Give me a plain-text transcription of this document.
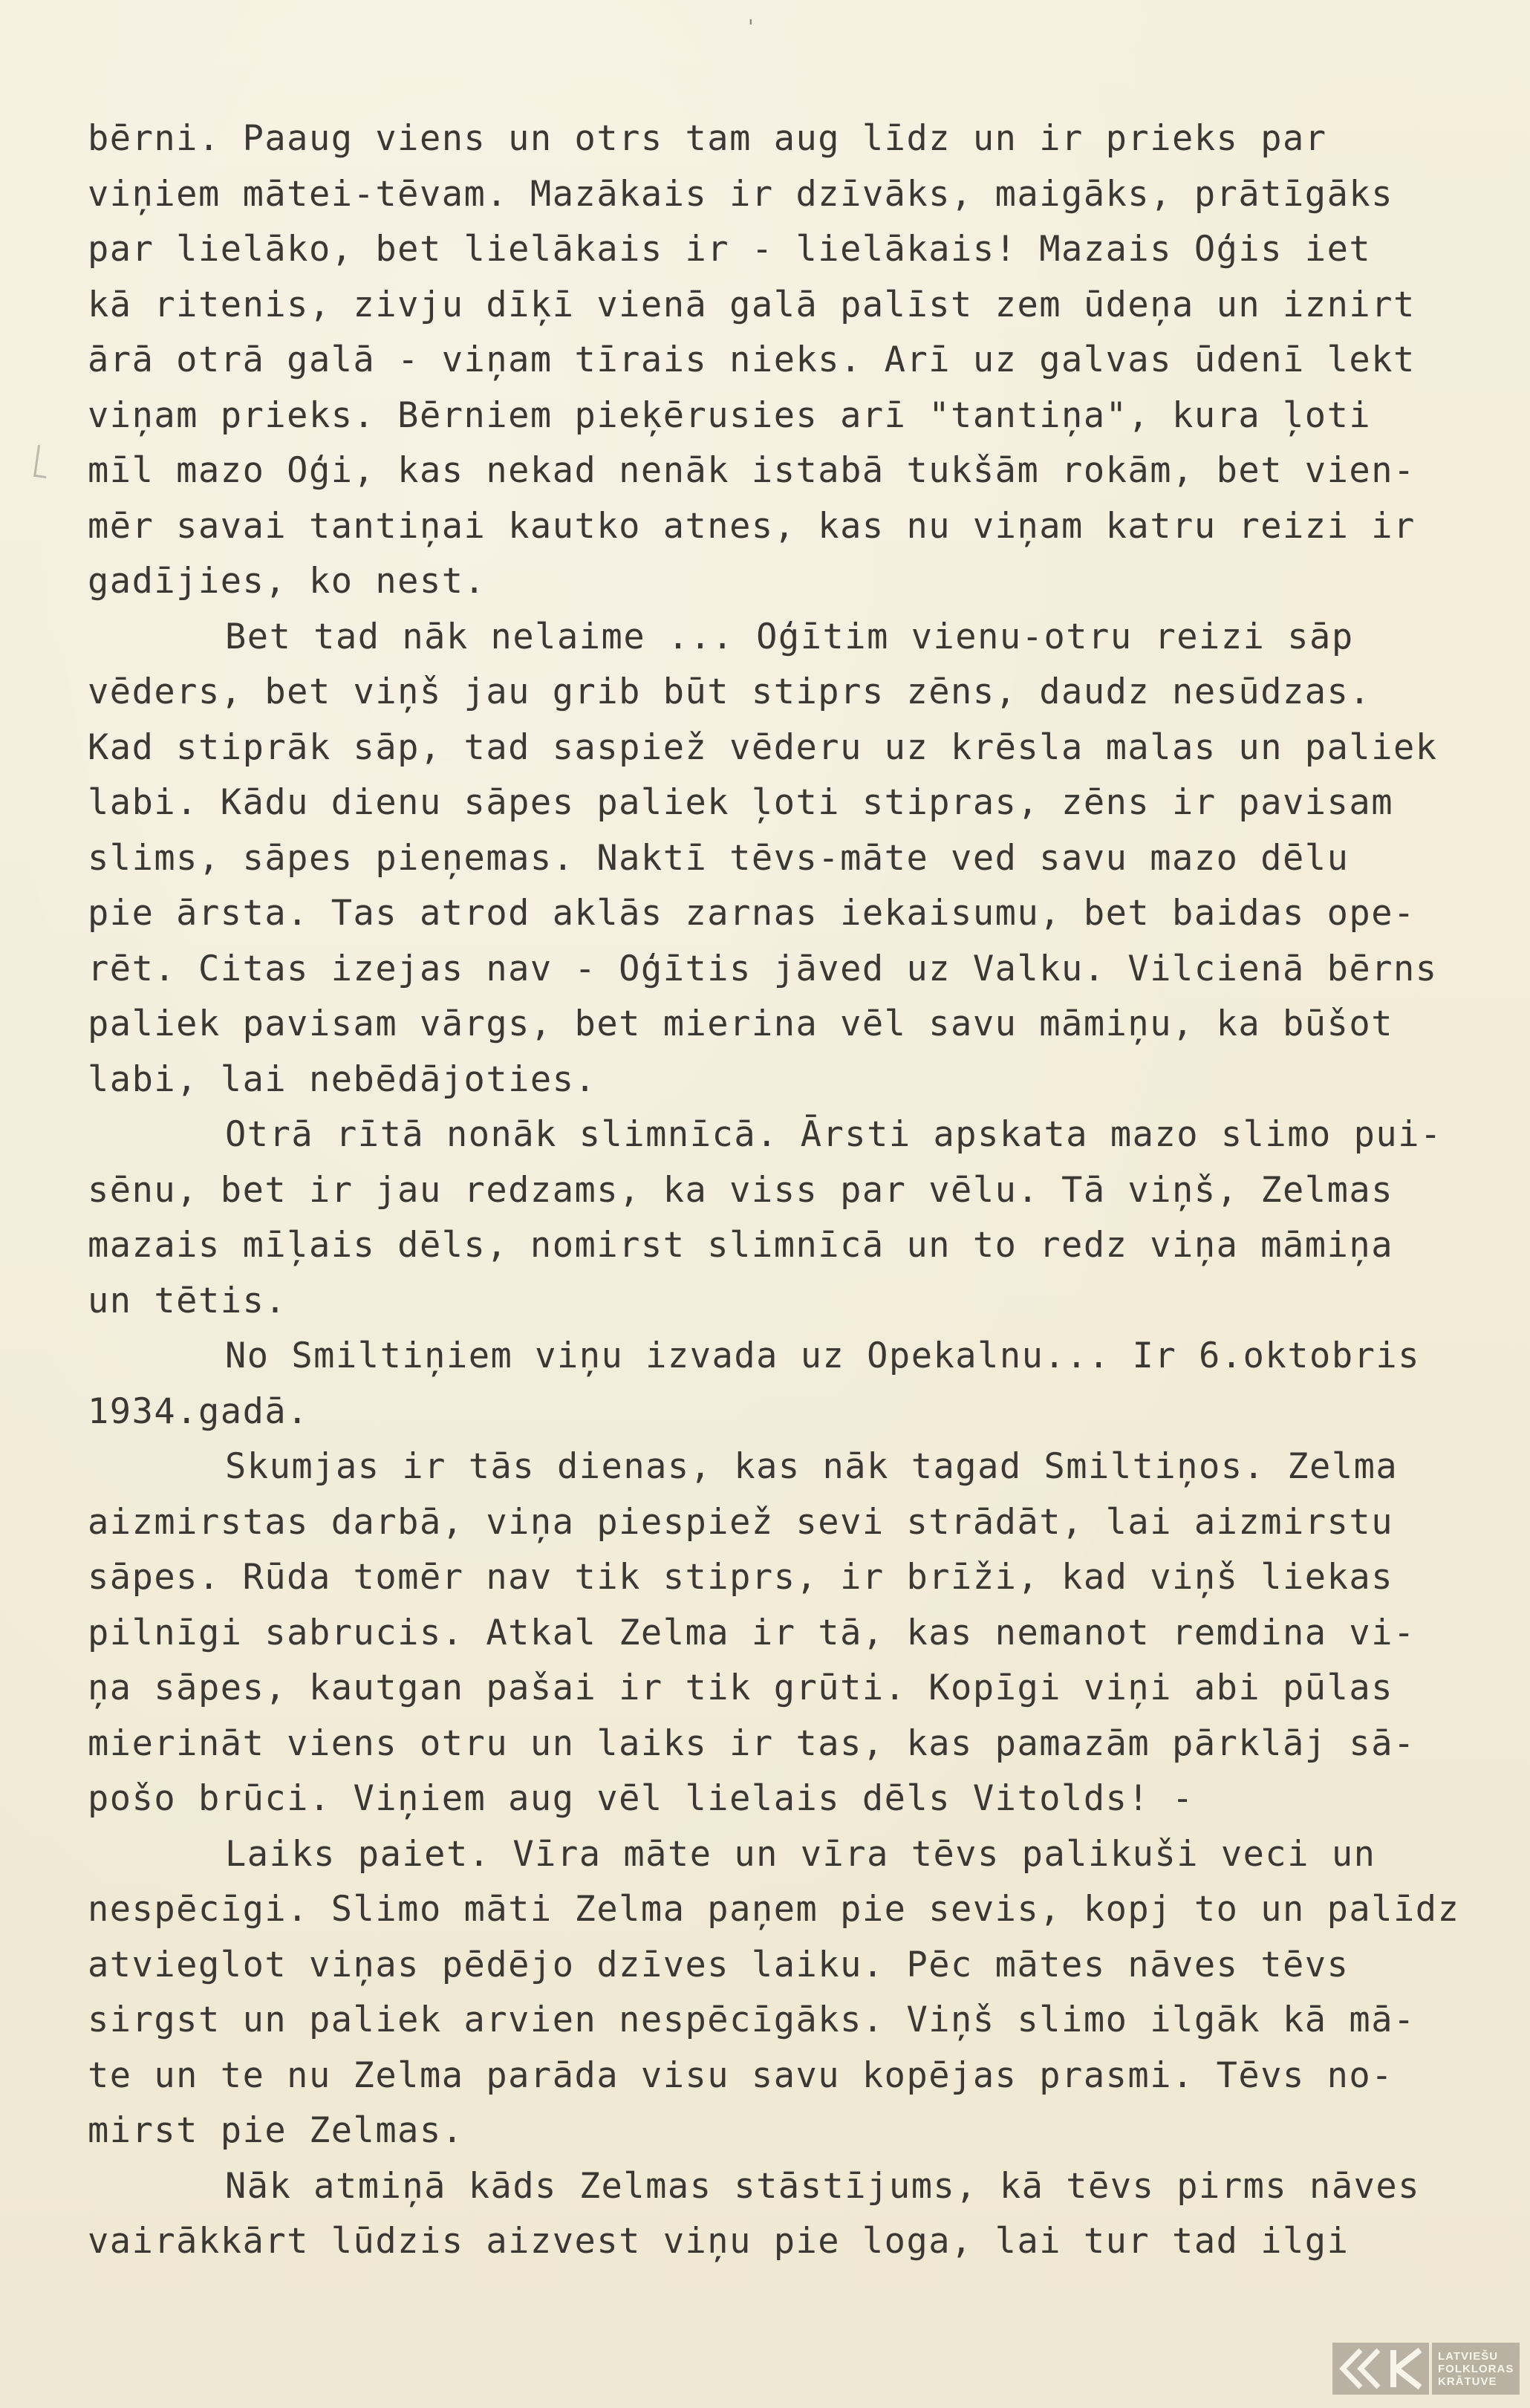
'
bērni. Paaug viens un otrs tam aug līdz un ir prieks par
viņiem mātei-tēvam. Mazākais ir dzīvāks, maigāks, prātīgāks
par lielāko, bet lielākais ir - lielākais! Mazais Oģis iet
kā ritenis, zivju dīķī vienā galā palīst zem ūdeņa un iznirt
ārā otrā galā - viņam tīrais nieks. Arī uz galvas ūdenī lekt
viņam prieks. Bērniem pieķērusies arī "tantiņa", kura ļoti
mīl mazo Oģi, kas nekad nenāk istabā tukšām rokām, bet vien-
mēr savai tantiņai kautko atnes, kas nu viņam katru reizi ir
gadījies, ko nest.
Bet tad nāk nelaime ... Oģītim vienu-otru reizi sāp
vēders, bet viņš jau grib būt stiprs zēns, daudz nesūdzas.
Kad stiprāk sāp, tad saspiež vēderu uz krēsla malas un paliek
labi. Kādu dienu sāpes paliek ļoti stipras, zēns ir pavisam
slims, sāpes pieņemas. Naktī tēvs-māte ved savu mazo dēlu
pie ārsta. Tas atrod aklās zarnas iekaisumu, bet baidas ope-
rēt. Citas izejas nav - Oģītis jāved uz Valku. Vilcienā bērns
paliek pavisam vārgs, bet mierina vēl savu māmiņu, ka būšot
labi, lai nebēdājoties.
Otrā rītā nonāk slimnīcā. Ārsti apskata mazo slimo pui-
sēnu, bet ir jau redzams, ka viss par vēlu. Tā viņš, Zelmas
mazais mīļais dēls, nomirst slimnīcā un to redz viņa māmiņa
un tētis.
No Smiltiņiem viņu izvada uz Opekalnu... Ir 6.oktobris
1934.gadā.
Skumjas ir tās dienas, kas nāk tagad Smiltiņos. Zelma
aizmirstas darbā, viņa piespiež sevi strādāt, lai aizmirstu
sāpes. Rūda tomēr nav tik stiprs, ir brīži, kad viņš liekas
pilnīgi sabrucis. Atkal Zelma ir tā, kas nemanot remdina vi-
ņa sāpes, kautgan pašai ir tik grūti. Kopīgi viņi abi pūlas
mierināt viens otru un laiks ir tas, kas pamazām pārklāj sā-
pošo brūci. Viņiem aug vēl lielais dēls Vitolds! -
Laiks paiet. Vīra māte un vīra tēvs palikuši veci un
nespēcīgi. Slimo māti Zelma paņem pie sevis, kopj to un palīdz
atvieglot viņas pēdējo dzīves laiku. Pēc mātes nāves tēvs
sirgst un paliek arvien nespēcīgāks. Viņš slimo ilgāk kā mā-
te un te nu Zelma parāda visu savu kopējas prasmi. Tēvs no-
mirst pie Zelmas.
Nāk atmiņā kāds Zelmas stāstījums, kā tēvs pirms nāves
vairākkārt lūdzis aizvest viņu pie loga, lai tur tad ilgi
LATVIEŠU
FOLKLORAS
KRĀTUVE
